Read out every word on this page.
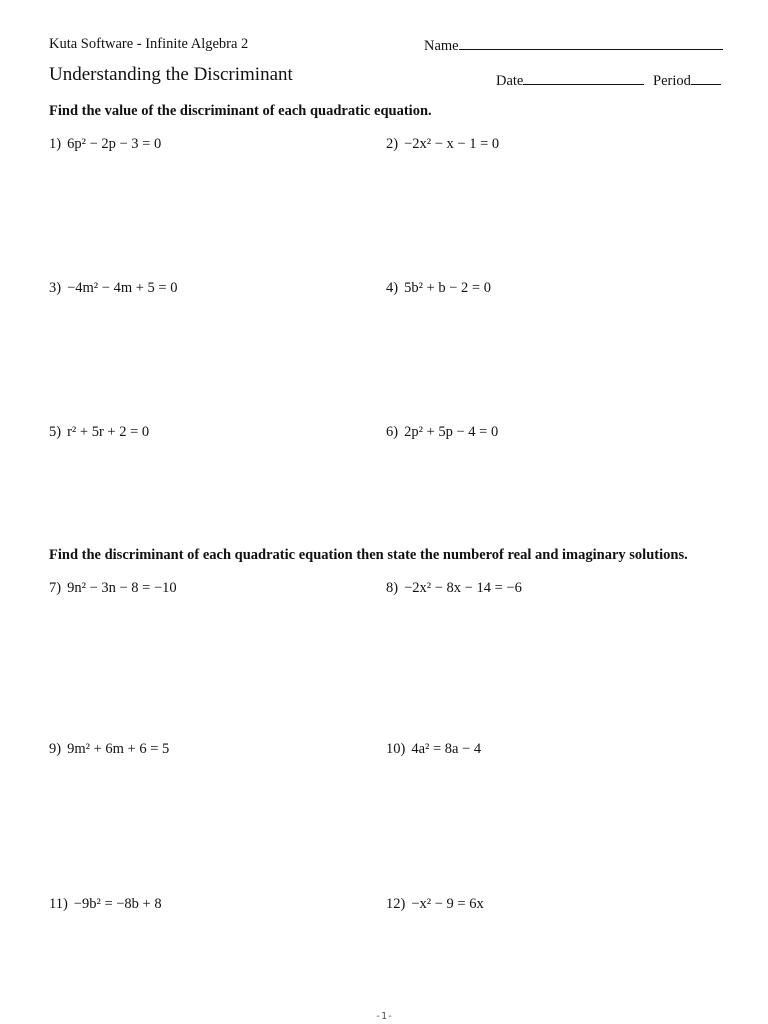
Kuta Software - Infinite Algebra 2	Name
Understanding the Discriminant	Date	Period
Find the value of the discriminant of each quadratic equation.
1) 6p² − 2p − 3 = 0	2) −2x² − x − 1 = 0
3) −4m² − 4m + 5 = 0	4) 5b² + b − 2 = 0
5) r² + 5r + 2 = 0	6) 2p² + 5p − 4 = 0
Find the discriminant of each quadratic equation then state the numberof real and imaginary solutions.
7) 9n² − 3n − 8 = −10	8) −2x² − 8x − 14 = −6
9) 9m² + 6m + 6 = 5	10) 4a² = 8a − 4
11) −9b² = −8b + 8	12) −x² − 9 = 6x
-1-
